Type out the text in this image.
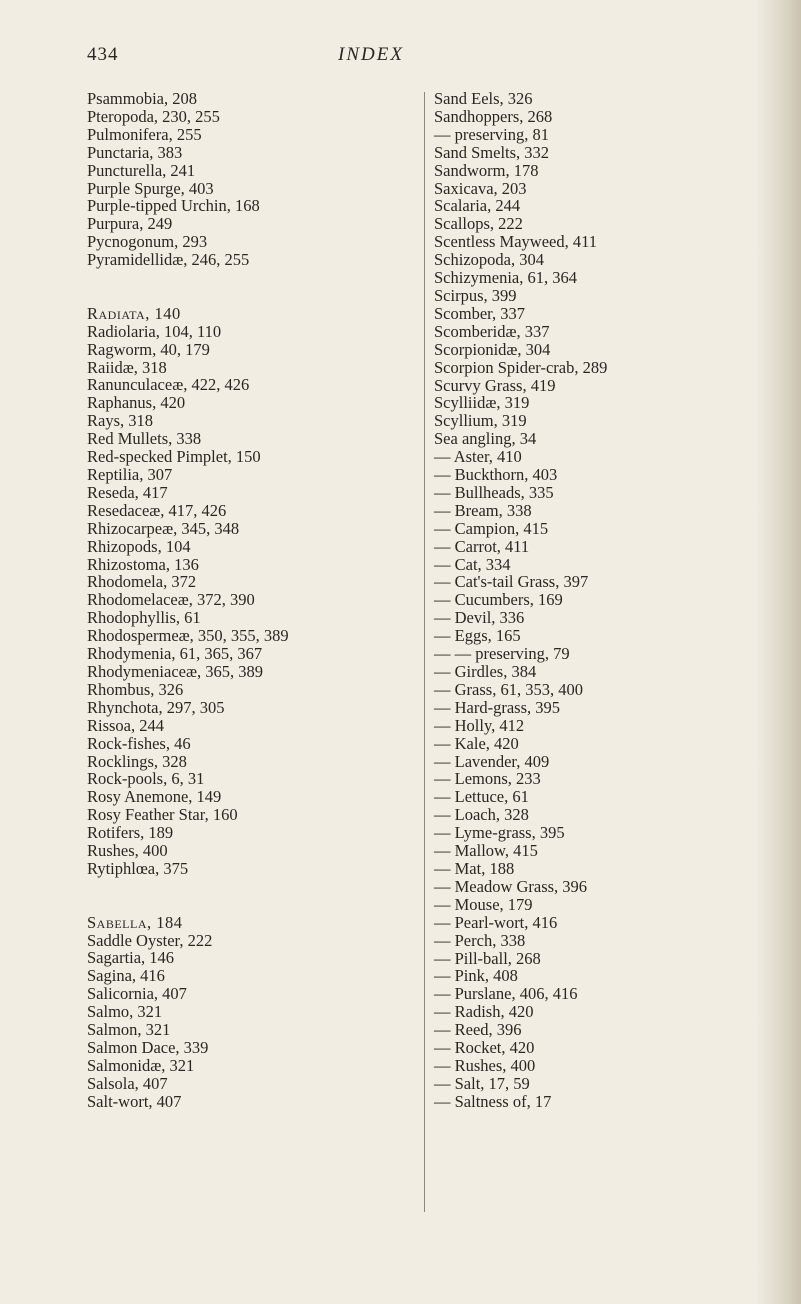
434	INDEX
Psammobia, 208
Pteropoda, 230, 255
Pulmonifera, 255
Punctaria, 383
Puncturella, 241
Purple Spurge, 403
Purple-tipped Urchin, 168
Purpura, 249
Pycnogonum, 293
Pyramidellidæ, 246, 255
Radiata, 140
Radiolaria, 104, 110
Ragworm, 40, 179
Raiidæ, 318
Ranunculaceæ, 422, 426
Raphanus, 420
Rays, 318
Red Mullets, 338
Red-specked Pimplet, 150
Reptilia, 307
Reseda, 417
Resedaceæ, 417, 426
Rhizocarpeæ, 345, 348
Rhizopods, 104
Rhizostoma, 136
Rhodomela, 372
Rhodomelaceæ, 372, 390
Rhodophyllis, 61
Rhodospermeæ, 350, 355, 389
Rhodymenia, 61, 365, 367
Rhodymeniaceæ, 365, 389
Rhombus, 326
Rhynchota, 297, 305
Rissoa, 244
Rock-fishes, 46
Rocklings, 328
Rock-pools, 6, 31
Rosy Anemone, 149
Rosy Feather Star, 160
Rotifers, 189
Rushes, 400
Rytiphlœa, 375
Sabella, 184
Saddle Oyster, 222
Sagartia, 146
Sagina, 416
Salicornia, 407
Salmo, 321
Salmon, 321
Salmon Dace, 339
Salmonidæ, 321
Salsola, 407
Salt-wort, 407
Sand Eels, 326
Sandhoppers, 268
— preserving, 81
Sand Smelts, 332
Sandworm, 178
Saxicava, 203
Scalaria, 244
Scallops, 222
Scentless Mayweed, 411
Schizopoda, 304
Schizymenia, 61, 364
Scirpus, 399
Scomber, 337
Scomberidæ, 337
Scorpionidæ, 304
Scorpion Spider-crab, 289
Scurvy Grass, 419
Scylliidæ, 319
Scyllium, 319
Sea angling, 34
— Aster, 410
— Buckthorn, 403
— Bullheads, 335
— Bream, 338
— Campion, 415
— Carrot, 411
— Cat, 334
— Cat's-tail Grass, 397
— Cucumbers, 169
— Devil, 336
— Eggs, 165
— — preserving, 79
— Girdles, 384
— Grass, 61, 353, 400
— Hard-grass, 395
— Holly, 412
— Kale, 420
— Lavender, 409
— Lemons, 233
— Lettuce, 61
— Loach, 328
— Lyme-grass, 395
— Mallow, 415
— Mat, 188
— Meadow Grass, 396
— Mouse, 179
— Pearl-wort, 416
— Perch, 338
— Pill-ball, 268
— Pink, 408
— Purslane, 406, 416
— Radish, 420
— Reed, 396
— Rocket, 420
— Rushes, 400
— Salt, 17, 59
— Saltness of, 17
